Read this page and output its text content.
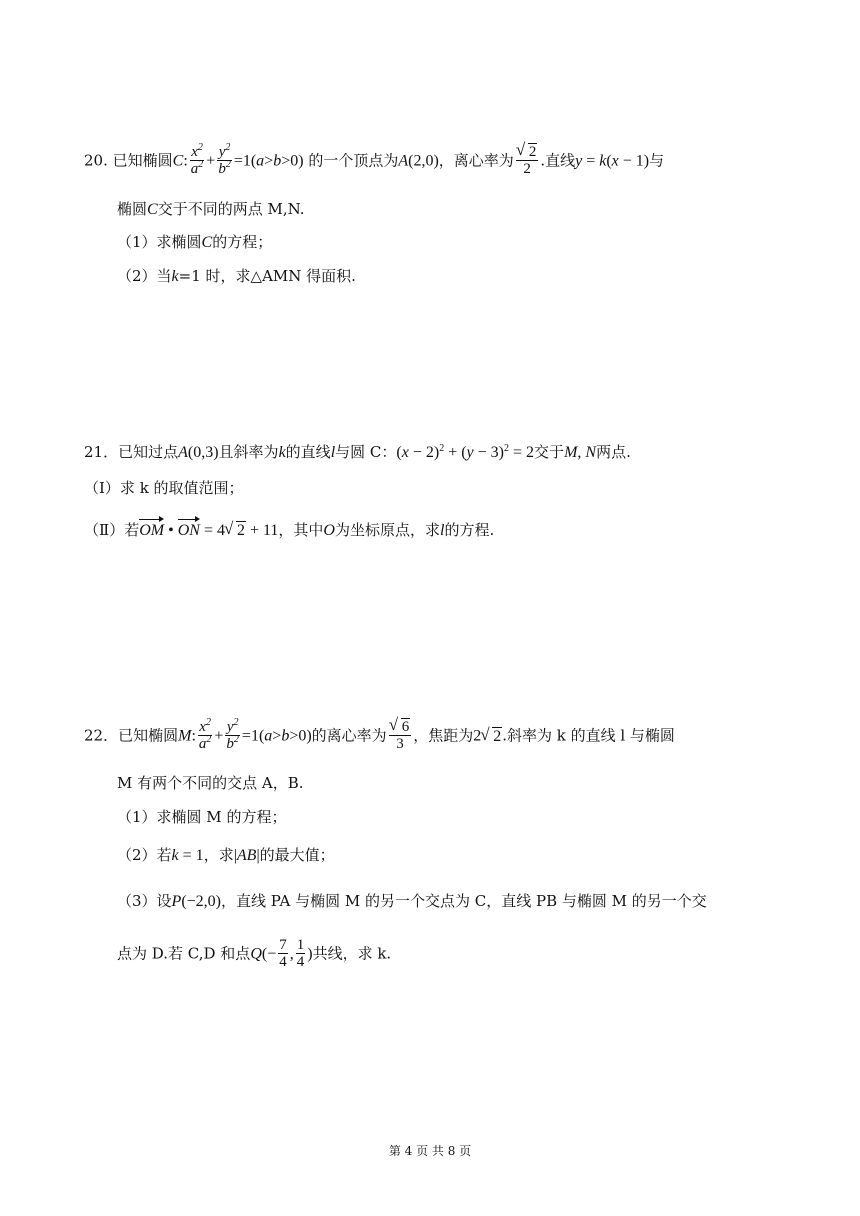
20. 已知椭圆C: $\frac{x^2}{a^2} + \frac{y^2}{b^2} =1(a>b>0)$ 的一个顶点为A(2,0)，离心率为 √ $\frac{2}{2}$ .直线y = k(x − 1)与
椭圆C交于不同的两点 M,N.
（1）求椭圆C的方程；
（2）当k=1 时，求△AMN 得面积.
21．已知过点A(0,3)且斜率为k的直线l与圆 C：$(x - 2)^2 + (y - 3)^2 = 2$交于M, N两点.
（Ⅰ）求 k 的取值范围；
（Ⅱ）若OM • ON = 4 √ 2 + 11，其中O为坐标原点，求l的方程.
22．已知椭圆M: $\frac{x^2}{a^2} + \frac{y^2}{b^2} =1(a>b>0)$的离心率为 √ $\frac{6}{3}$ ，焦距为2 √ 2.斜率为 k 的直线 l 与椭圆
M 有两个不同的交点 A，B.
（1）求椭圆 M 的方程；
（2）若k = 1，求|AB|的最大值；
（3）设P(−2,0)，直线 PA 与椭圆 M 的另一个交点为 C，直线 PB 与椭圆 M 的另一个交
点为 D.若 C,D 和点$Q(- \frac{7}{4}$ , $\frac{1}{4}$ )共线，求 k.
第 4 页 共 8 页
